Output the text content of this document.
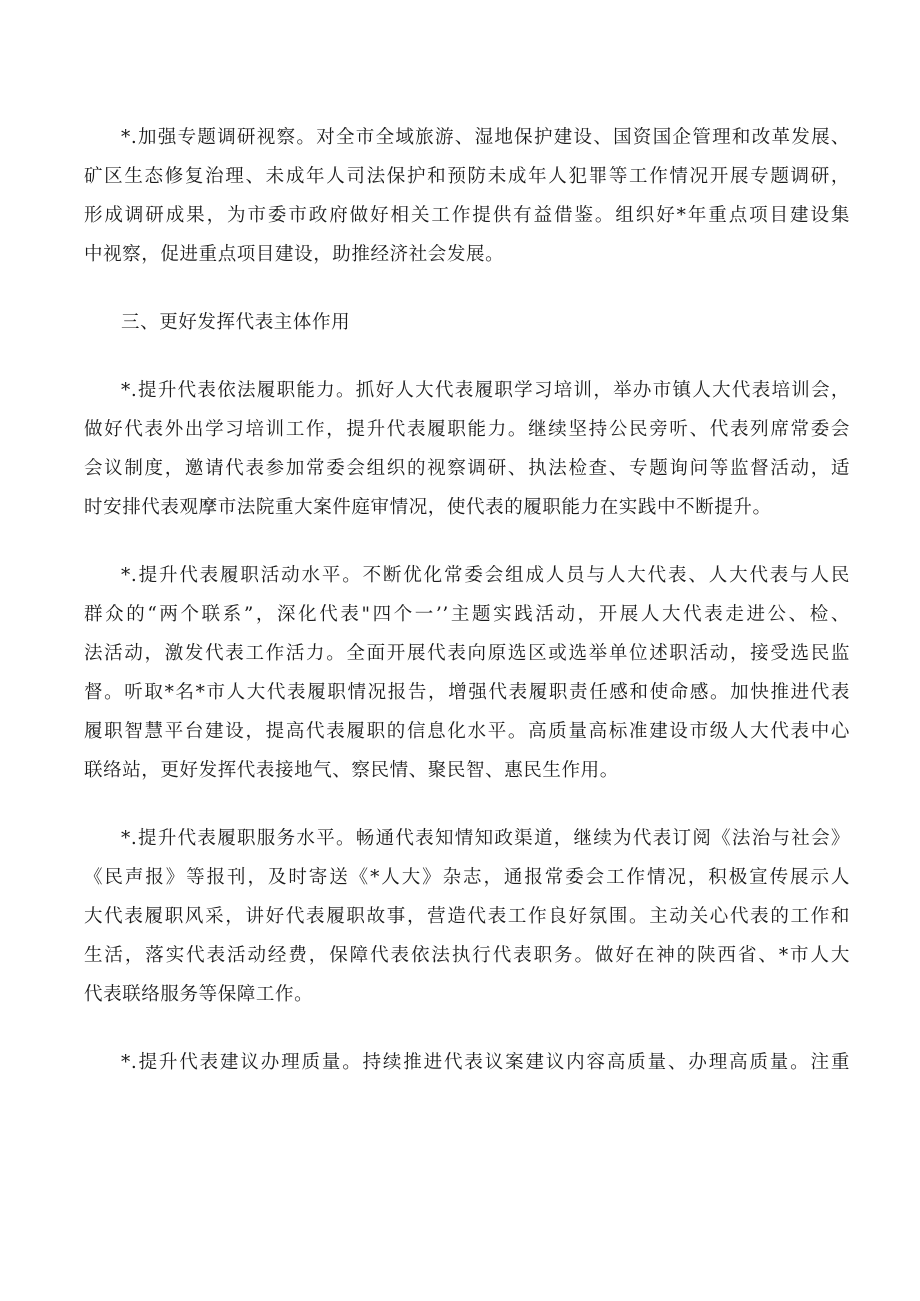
*.加强专题调研视察。对全市全域旅游、湿地保护建设、国资国企管理和改革发展、
矿区生态修复治理、未成年人司法保护和预防未成年人犯罪等工作情况开展专题调研，
形成调研成果，为市委市政府做好相关工作提供有益借鉴。组织好*年重点项目建设集
中视察，促进重点项目建设，助推经济社会发展。
三、更好发挥代表主体作用
*.提升代表依法履职能力。抓好人大代表履职学习培训，举办市镇人大代表培训会，
做好代表外出学习培训工作，提升代表履职能力。继续坚持公民旁听、代表列席常委会
会议制度，邀请代表参加常委会组织的视察调研、执法检查、专题询问等监督活动，适
时安排代表观摩市法院重大案件庭审情况，使代表的履职能力在实践中不断提升。
*.提升代表履职活动水平。不断优化常委会组成人员与人大代表、人大代表与人民
群众的“两个联系”，深化代表"四个一’’主题实践活动，开展人大代表走进公、检、
法活动，激发代表工作活力。全面开展代表向原选区或选举单位述职活动，接受选民监
督。听取*名*市人大代表履职情况报告，增强代表履职责任感和使命感。加快推进代表
履职智慧平台建设，提高代表履职的信息化水平。高质量高标准建设市级人大代表中心
联络站，更好发挥代表接地气、察民情、聚民智、惠民生作用。
*.提升代表履职服务水平。畅通代表知情知政渠道，继续为代表订阅《法治与社会》
《民声报》等报刊，及时寄送《*人大》杂志，通报常委会工作情况，积极宣传展示人
大代表履职风采，讲好代表履职故事，营造代表工作良好氛围。主动关心代表的工作和
生活，落实代表活动经费，保障代表依法执行代表职务。做好在神的陕西省、*市人大
代表联络服务等保障工作。
*.提升代表建议办理质量。持续推进代表议案建议内容高质量、办理高质量。注重
